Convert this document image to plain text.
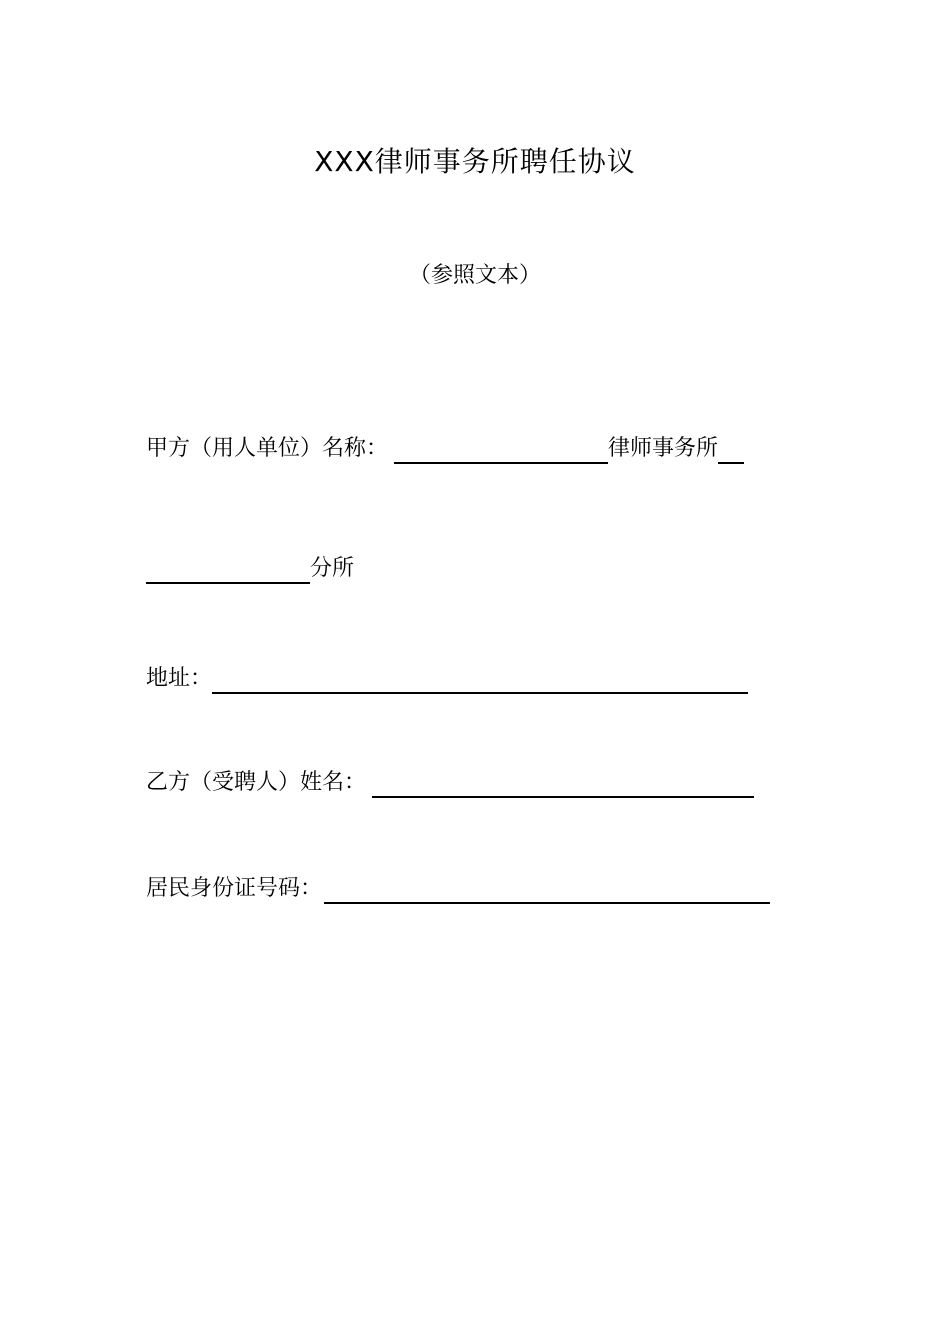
XXX律师事务所聘任协议
（参照文本）
甲方（用人单位）名称：	律师事务所
分所
地址：
乙方（受聘人）姓名：
居民身份证号码：
